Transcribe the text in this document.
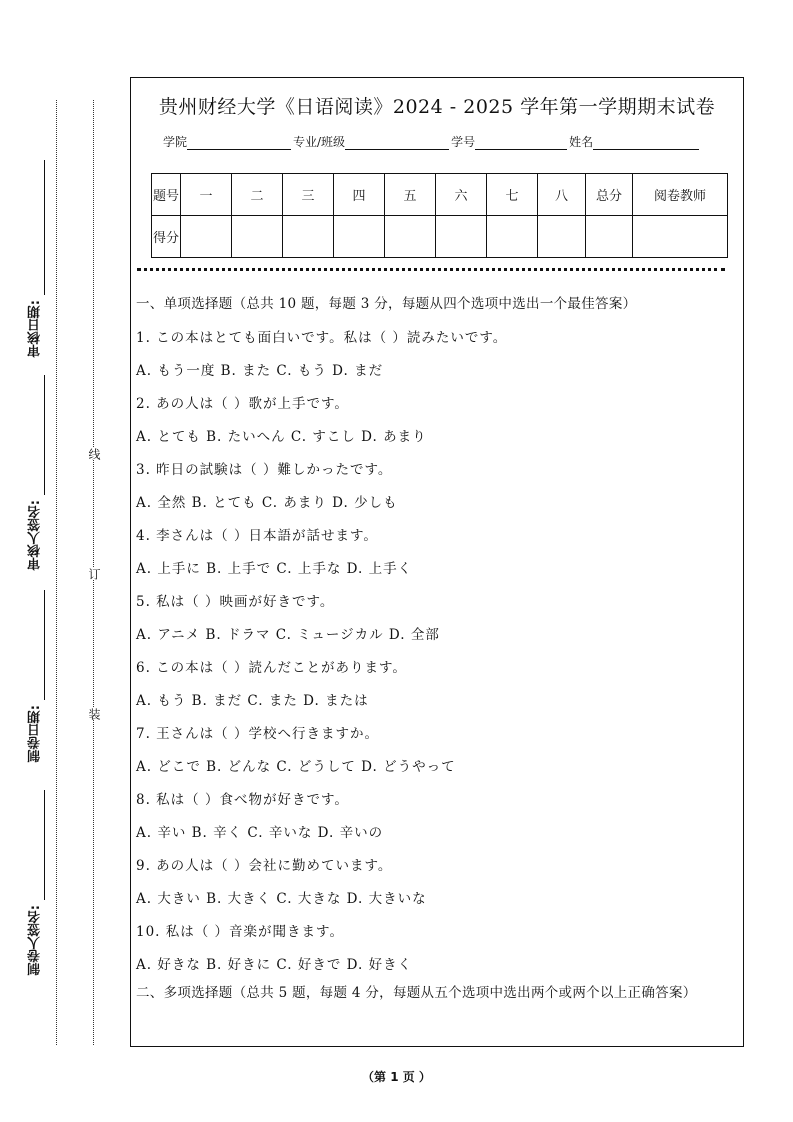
审核日期:
审核人签名:
制卷日期:
制卷人签名:
线
订
装
贵州财经大学《日语阅读》2024 - 2025 学年第一学期期末试卷
学院	专业/班级	学号	姓名
题号	一	二	三	四	五	六	七	八	总分	阅卷教师
得分										
一、单项选择题（总共 10 题，每题 3 分，每题从四个选项中选出一个最佳答案）
1. この本はとても面白いです。私は（ ）読みたいです。
A. もう一度 B. また C. もう D. まだ
2. あの人は（ ）歌が上手です。
A. とても B. たいへん C. すこし D. あまり
3. 昨日の試験は（ ）難しかったです。
A. 全然 B. とても C. あまり D. 少しも
4. 李さんは（ ）日本語が話せます。
A. 上手に B. 上手で C. 上手な D. 上手く
5. 私は（ ）映画が好きです。
A. アニメ B. ドラマ C. ミュージカル D. 全部
6. この本は（ ）読んだことがあります。
A. もう B. まだ C. また D. または
7. 王さんは（ ）学校へ行きますか。
A. どこで B. どんな C. どうして D. どうやって
8. 私は（ ）食べ物が好きです。
A. 辛い B. 辛く C. 辛いな D. 辛いの
9. あの人は（ ）会社に勤めています。
A. 大きい B. 大きく C. 大きな D. 大きいな
10. 私は（ ）音楽が聞きます。
A. 好きな B. 好きに C. 好きで D. 好きく
二、多项选择题（总共 5 题，每题 4 分，每题从五个选项中选出两个或两个以上正确答案）
（第 1 页 ）
